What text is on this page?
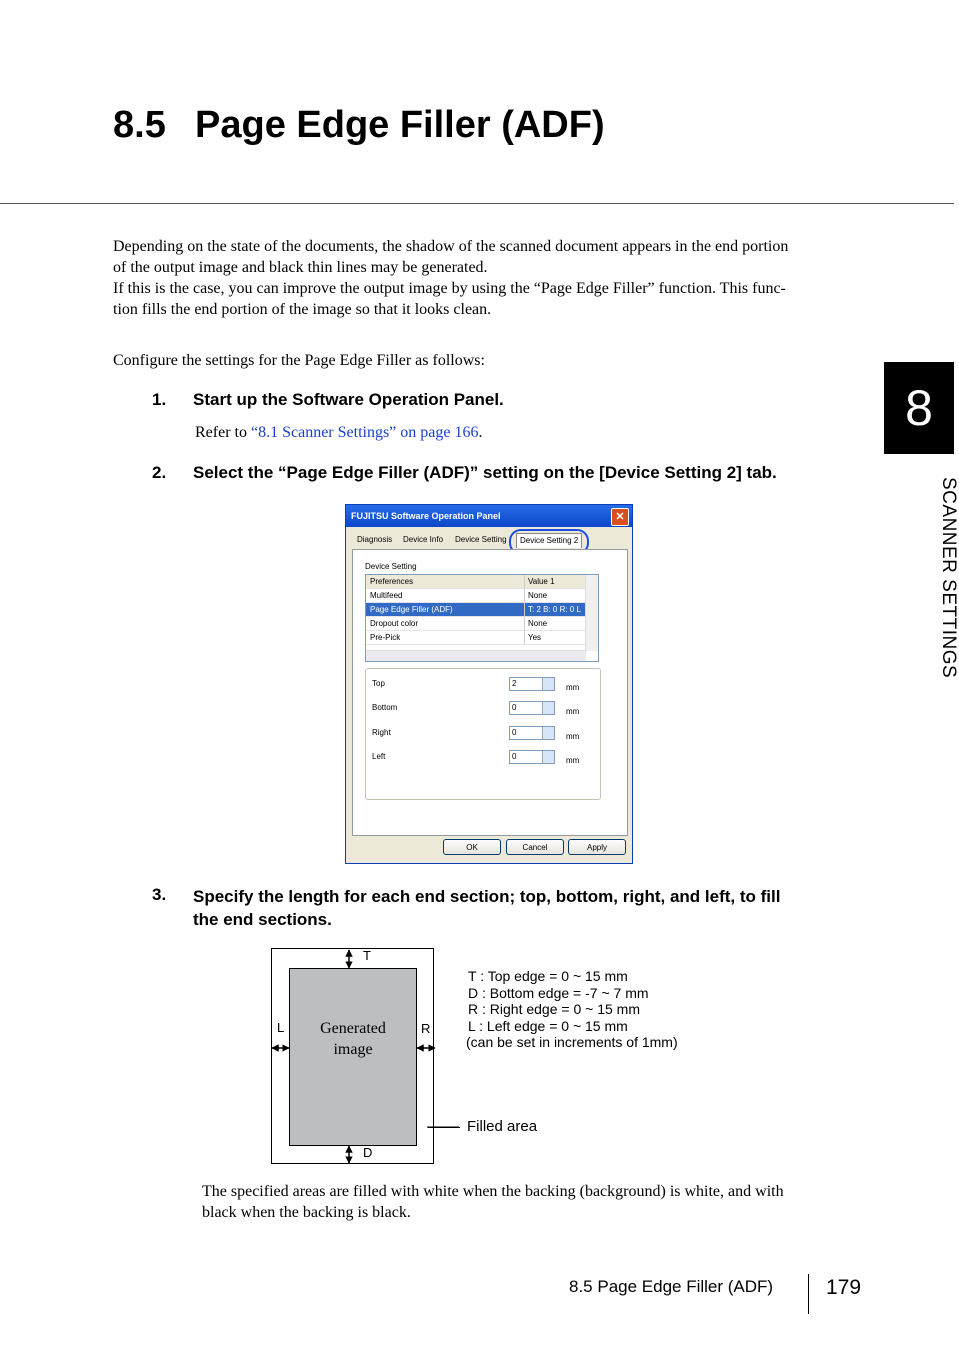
8.5 Page Edge Filler (ADF)
Depending on the state of the documents, the shadow of the scanned document appears in the end portion
of the output image and black thin lines may be generated.
If this is the case, you can improve the output image by using the “Page Edge Filler” function. This func-
tion fills the end portion of the image so that it looks clean.
Configure the settings for the Page Edge Filler as follows:
1. Start up the Software Operation Panel.
Refer to “8.1 Scanner Settings” on page 166.
2. Select the “Page Edge Filler (ADF)” setting on the [Device Setting 2] tab.
8
SCANNER SETTINGS
FUJITSU Software Operation Panel	✕
Diagnosis	Device Info	Device Setting	Device Setting 2
Device Setting
Preferences	Value 1
Multifeed	None
Page Edge Filler (ADF)	T: 2 B: 0 R: 0 L
Dropout color	None
Pre-Pick	Yes
Top	2	mm
Bottom	0	mm
Right	0	mm
Left	0	mm
OK	Cancel	Apply
3. Specify the length for each end section; top, bottom, right, and left, to fill
the end sections.
Generated
image
T
D
L	R
T : Top edge = 0 ~ 15 mm
D : Bottom edge = -7 ~ 7 mm
R : Right edge = 0 ~ 15 mm
L : Left edge = 0 ~ 15 mm
(can be set in increments of 1mm)
Filled area
The specified areas are filled with white when the backing (background) is white, and with
black when the backing is black.
8.5 Page Edge Filler (ADF)	179
